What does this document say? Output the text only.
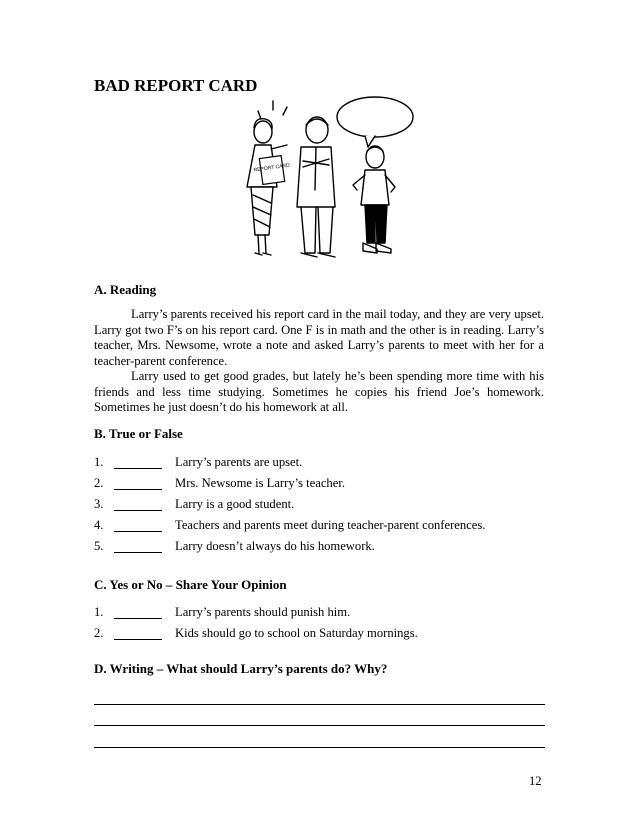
BAD REPORT CARD
REPORT CARD
A. Reading

Larry’s parents received his report card in the mail today, and they are very upset. Larry got two F’s on his report card. One F is in math and the other is in reading. Larry’s teacher, Mrs. Newsome, wrote a note and asked Larry’s parents to meet with her for a teacher-parent conference.

Larry used to get good grades, but lately he’s been spending more time with his friends and less time studying. Sometimes he copies his friend Joe’s homework. Sometimes he just doesn’t do his homework at all.

B. True or False
1.	Larry’s parents are upset.
2.	Mrs. Newsome is Larry’s teacher.
3.	Larry is a good student.
4.	Teachers and parents meet during teacher-parent conferences.
5.	Larry doesn’t always do his homework.
C. Yes or No – Share Your Opinion
1.	Larry’s parents should punish him.
2.	Kids should go to school on Saturday mornings.
D. Writing – What should Larry’s parents do? Why?
12
